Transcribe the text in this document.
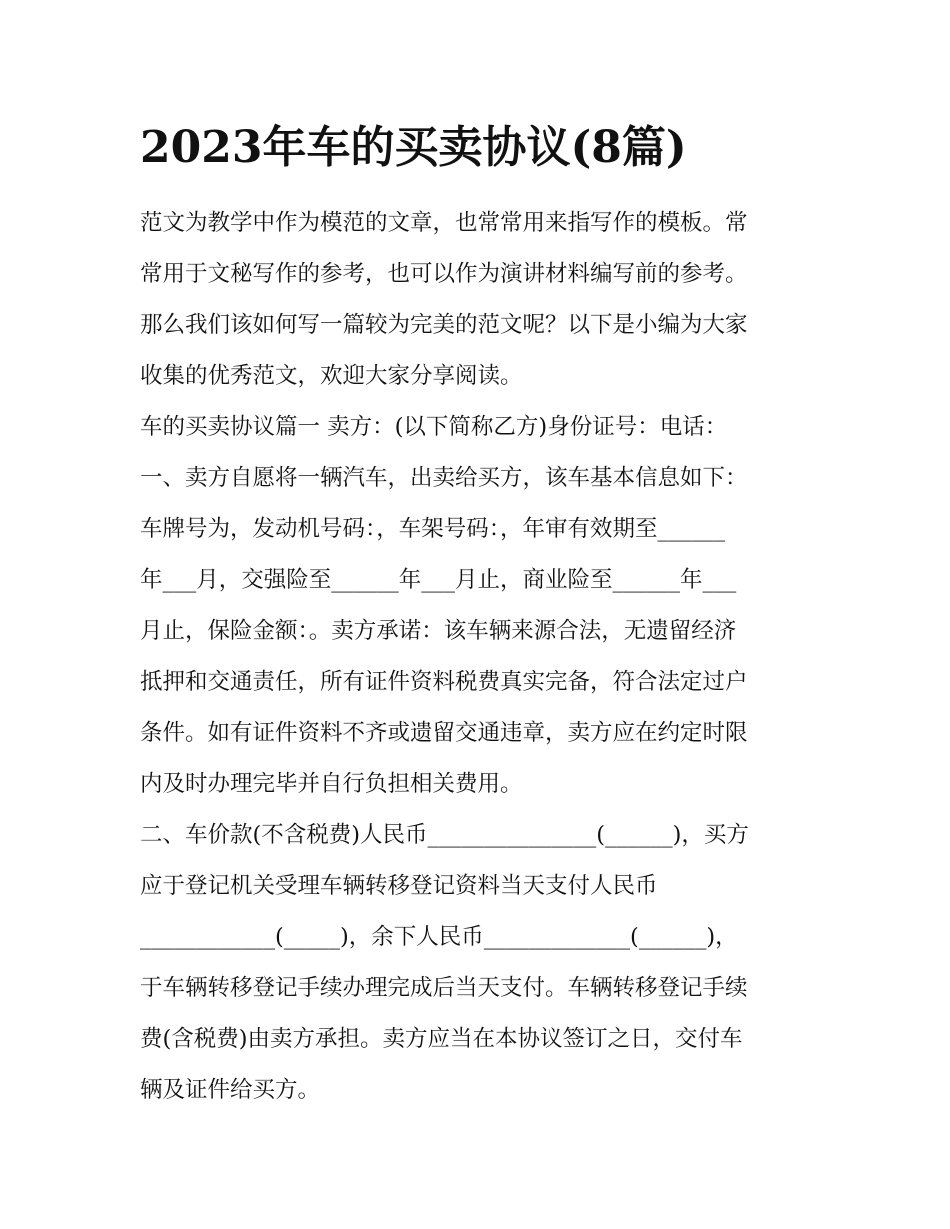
2023年车的买卖协议(8篇)

范文为教学中作为模范的文章，也常常用来指写作的模板。常

常用于文秘写作的参考，也可以作为演讲材料编写前的参考。

那么我们该如何写一篇较为完美的范文呢？以下是小编为大家

收集的优秀范文，欢迎大家分享阅读。

车的买卖协议篇一 卖方：(以下简称乙方)身份证号：电话：

一、卖方自愿将一辆汽车，出卖给买方，该车基本信息如下：

车牌号为，发动机号码：，车架号码：，年审有效期至______

年___月，交强险至______年___月止，商业险至______年___

月止，保险金额：。卖方承诺：该车辆来源合法，无遗留经济

抵押和交通责任，所有证件资料税费真实完备，符合法定过户

条件。如有证件资料不齐或遗留交通违章，卖方应在约定时限

内及时办理完毕并自行负担相关费用。

二、车价款(不含税费)人民币_______________(______)，买方

应于登记机关受理车辆转移登记资料当天支付人民币

____________(_____)，余下人民币_____________(______)，

于车辆转移登记手续办理完成后当天支付。车辆转移登记手续

费(含税费)由卖方承担。卖方应当在本协议签订之日，交付车

辆及证件给买方。
